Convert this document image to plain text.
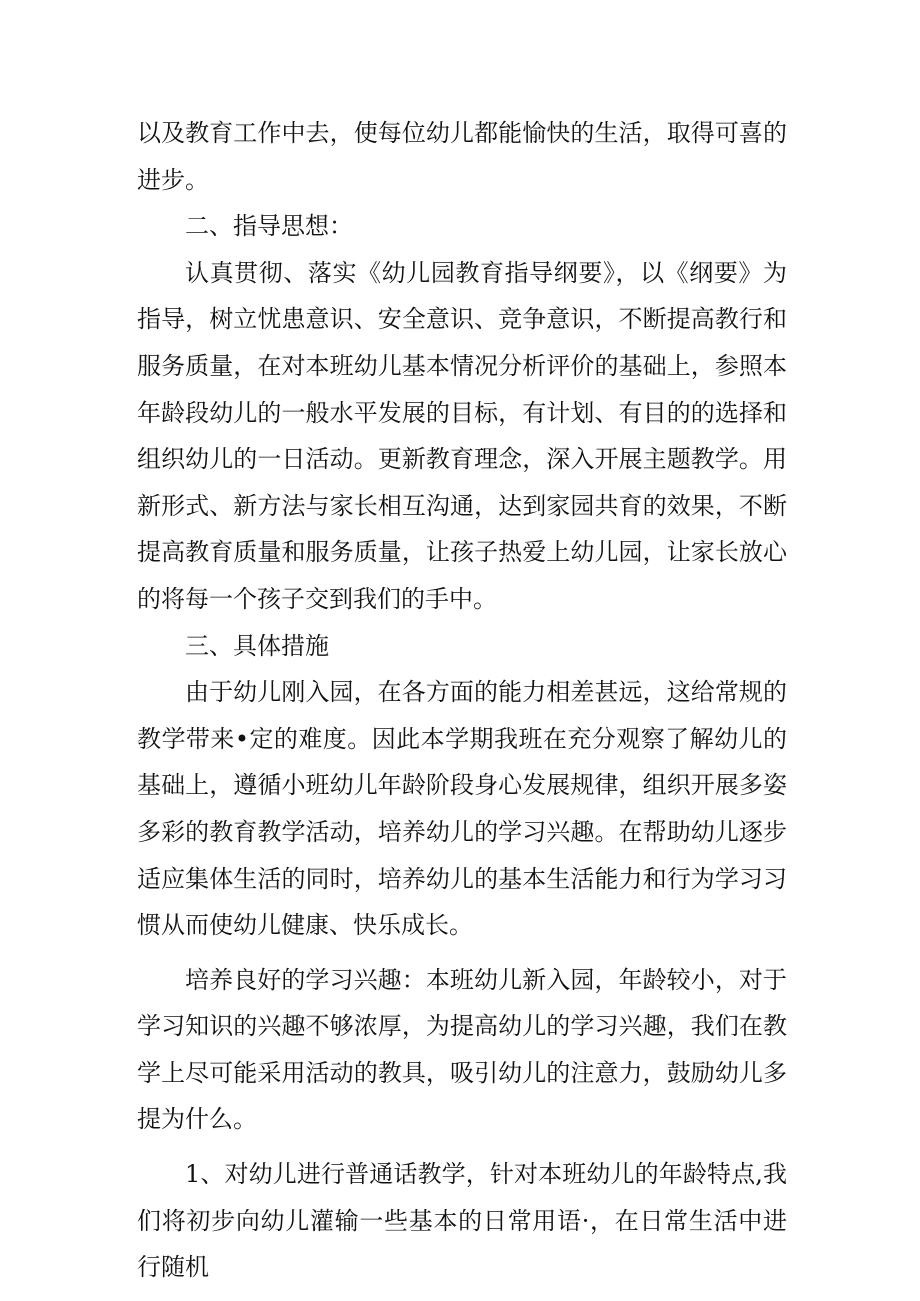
以及教育工作中去，使每位幼儿都能愉快的生活，取得可喜的进步。

二、指导思想：

认真贯彻、落实《幼儿园教育指导纲要》，以《纲要》为指导，树立忧患意识、安全意识、竞争意识，不断提高教行和服务质量，在对本班幼儿基本情况分析评价的基础上，参照本年龄段幼儿的一般水平发展的目标，有计划、有目的的选择和组织幼儿的一日活动。更新教育理念，深入开展主题教学。用新形式、新方法与家长相互沟通，达到家园共育的效果，不断提高教育质量和服务质量，让孩子热爱上幼儿园，让家长放心的将每一个孩子交到我们的手中。

三、具体措施

由于幼儿刚入园，在各方面的能力相差甚远，这给常规的教学带来•定的难度。因此本学期我班在充分观察了解幼儿的基础上，遵循小班幼儿年龄阶段身心发展规律，组织开展多姿多彩的教育教学活动，培养幼儿的学习兴趣。在帮助幼儿逐步适应集体生活的同时，培养幼儿的基本生活能力和行为学习习惯从而使幼儿健康、快乐成长。

培养良好的学习兴趣：本班幼儿新入园，年龄较小，对于学习知识的兴趣不够浓厚，为提高幼儿的学习兴趣，我们在教学上尽可能采用活动的教具，吸引幼儿的注意力，鼓励幼儿多提为什么。

1、对幼儿进行普通话教学，针对本班幼儿的年龄特点,我们将初步向幼儿灌输一些基本的日常用语·，在日常生活中进行随机
